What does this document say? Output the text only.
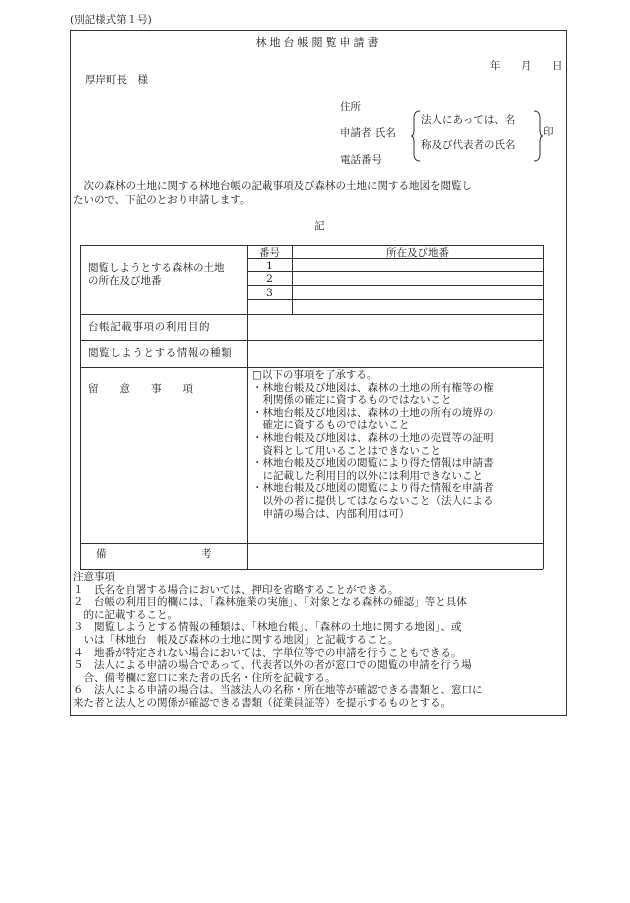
(別記様式第１号)
林地台帳閲覧申請書
年 月 日
厚岸町長　様
住所
申請者 氏名
電話番号
法人にあっては、名
称及び代表者の氏名
印
　次の森林の土地に関する林地台帳の記載事項及び森林の土地に関する地図を閲覧し
たいので、下記のとおり申請します。
記
閲覧しようとする森林の土地
の所在及び地番
番号	所在及び地番
1
2
3
台帳記載事項の利用目的
閲覧しようとする情報の種類
留　　意　　事　　項
□以下の事項を了承する。
・林地台帳及び地図は、森林の土地の所有権等の権
　利関係の確定に資するものではないこと
・林地台帳及び地図は、森林の土地の所有の境界の
　確定に資するものではないこと
・林地台帳及び地図は、森林の土地の売買等の証明
　資料として用いることはできないこと
・林地台帳及び地図の閲覧により得た情報は申請書
　に記載した利用目的以外には利用できないこと
・林地台帳及び地図の閲覧により得た情報を申請者
　以外の者に提供してはならないこと（法人による
　申請の場合は、内部利用は可）
備　　　　　　　　　考
注意事項
１　氏名を自署する場合においては、押印を省略することができる。
２　台帳の利用目的欄には、「森林施業の実施」、「対象となる森林の確認」等と具体
　的に記載すること。
３　閲覧しようとする情報の種類は、「林地台帳」、「森林の土地に関する地図」、或
　いは「林地台　帳及び森林の土地に関する地図」と記載すること。
４　地番が特定されない場合においては、字単位等での申請を行うこともできる。
５　法人による申請の場合であって、代表者以外の者が窓口での閲覧の申請を行う場
　合、備考欄に窓口に来た者の氏名・住所を記載する。
６　法人による申請の場合は、当該法人の名称・所在地等が確認できる書類と、窓口に
来た者と法人との関係が確認できる書類（従業員証等）を提示するものとする。
